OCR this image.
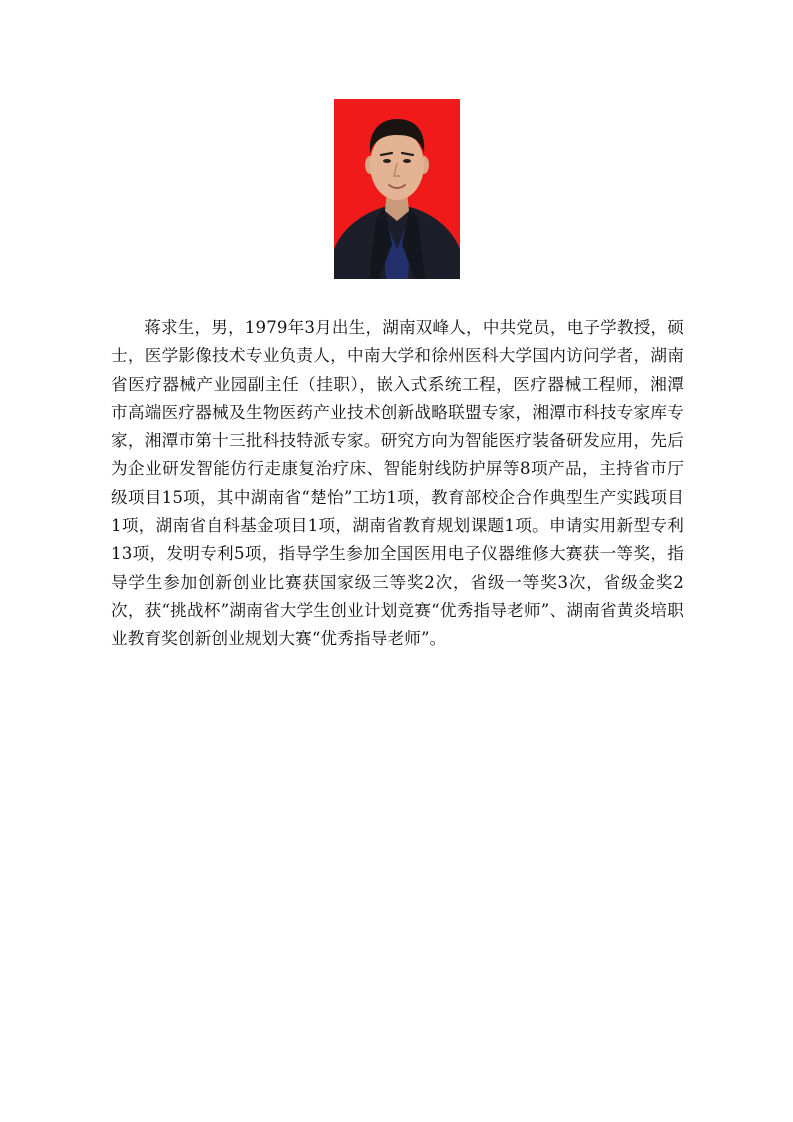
蒋求生，男，1979年3月出生，湖南双峰人，中共党员，电子学教授，硕士，医学影像技术专业负责人，中南大学和徐州医科大学国内访问学者，湖南省医疗器械产业园副主任（挂职），嵌入式系统工程，医疗器械工程师，湘潭市高端医疗器械及生物医药产业技术创新战略联盟专家，湘潭市科技专家库专家，湘潭市第十三批科技特派专家。研究方向为智能医疗装备研发应用，先后为企业研发智能仿行走康复治疗床、智能射线防护屏等8项产品，主持省市厅级项目15项，其中湖南省“楚怡”工坊1项，教育部校企合作典型生产实践项目1项，湖南省自科基金项目1项，湖南省教育规划课题1项。申请实用新型专利13项，发明专利5项，指导学生参加全国医用电子仪器维修大赛获一等奖，指导学生参加创新创业比赛获国家级三等奖2次，省级一等奖3次，省级金奖2次，获“挑战杯”湖南省大学生创业计划竞赛“优秀指导老师”、湖南省黄炎培职业教育奖创新创业规划大赛“优秀指导老师”。
